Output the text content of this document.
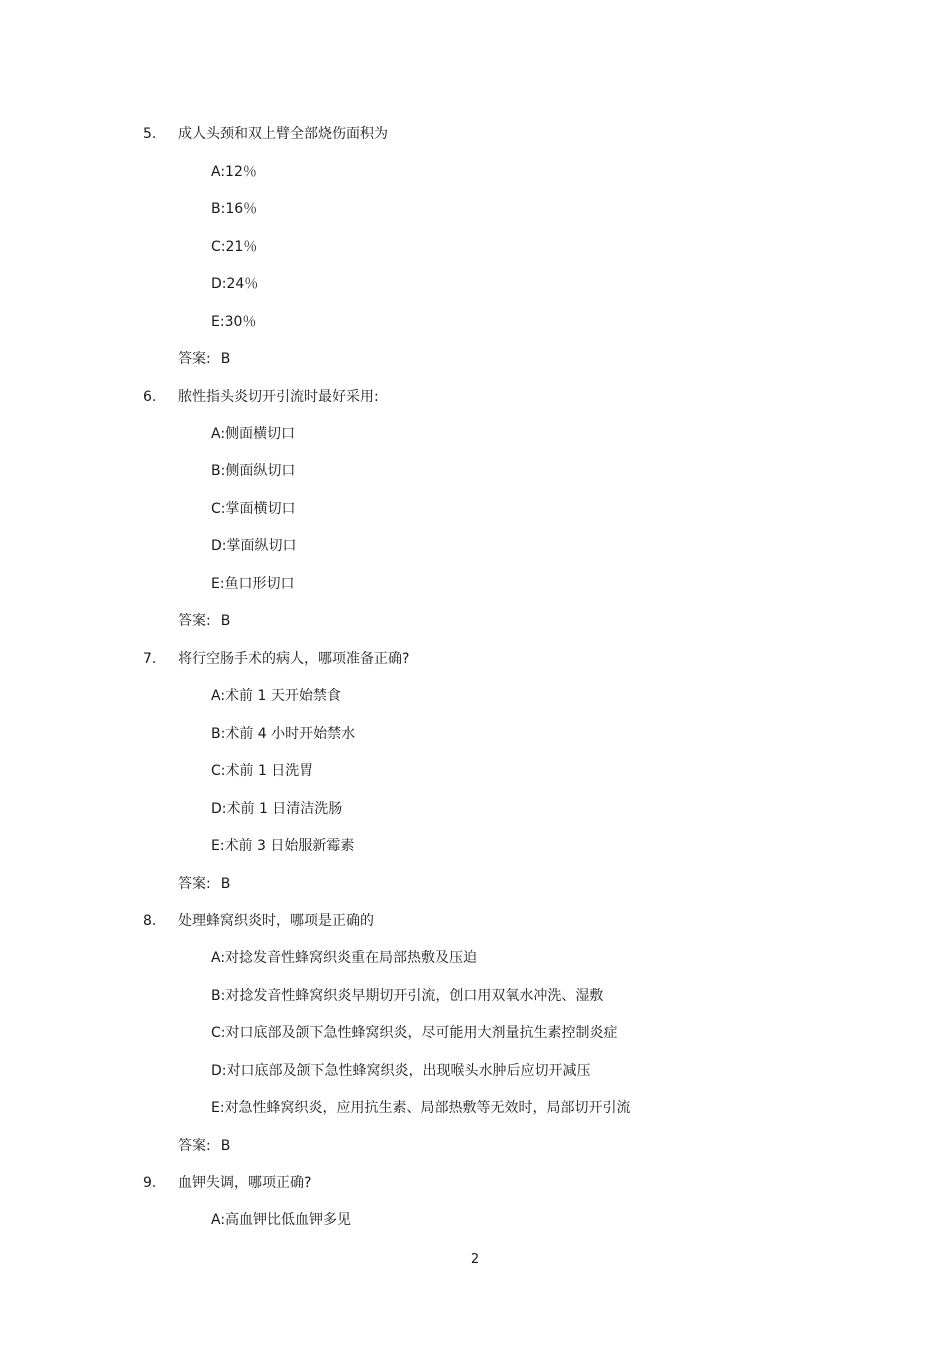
5. 成人头颈和双上臂全部烧伤面积为
A:12％
B:16％
C:21％
D:24％
E:30％
答案: B
6. 脓性指头炎切开引流时最好采用:
A:侧面横切口
B:侧面纵切口
C:掌面横切口
D:掌面纵切口
E:鱼口形切口
答案: B
7. 将行空肠手术的病人，哪项准备正确?
A:术前 1 天开始禁食
B:术前 4 小时开始禁水
C:术前 1 日洗胃
D:术前 1 日清洁洗肠
E:术前 3 日始服新霉素
答案: B
8. 处理蜂窝织炎时，哪项是正确的
A:对捻发音性蜂窝织炎重在局部热敷及压迫
B:对捻发音性蜂窝织炎早期切开引流，创口用双氧水冲洗、湿敷
C:对口底部及颌下急性蜂窝织炎，尽可能用大剂量抗生素控制炎症
D:对口底部及颌下急性蜂窝织炎，出现喉头水肿后应切开减压
E:对急性蜂窝织炎，应用抗生素、局部热敷等无效时，局部切开引流
答案: B
9. 血钾失调，哪项正确?
A:高血钾比低血钾多见
2
